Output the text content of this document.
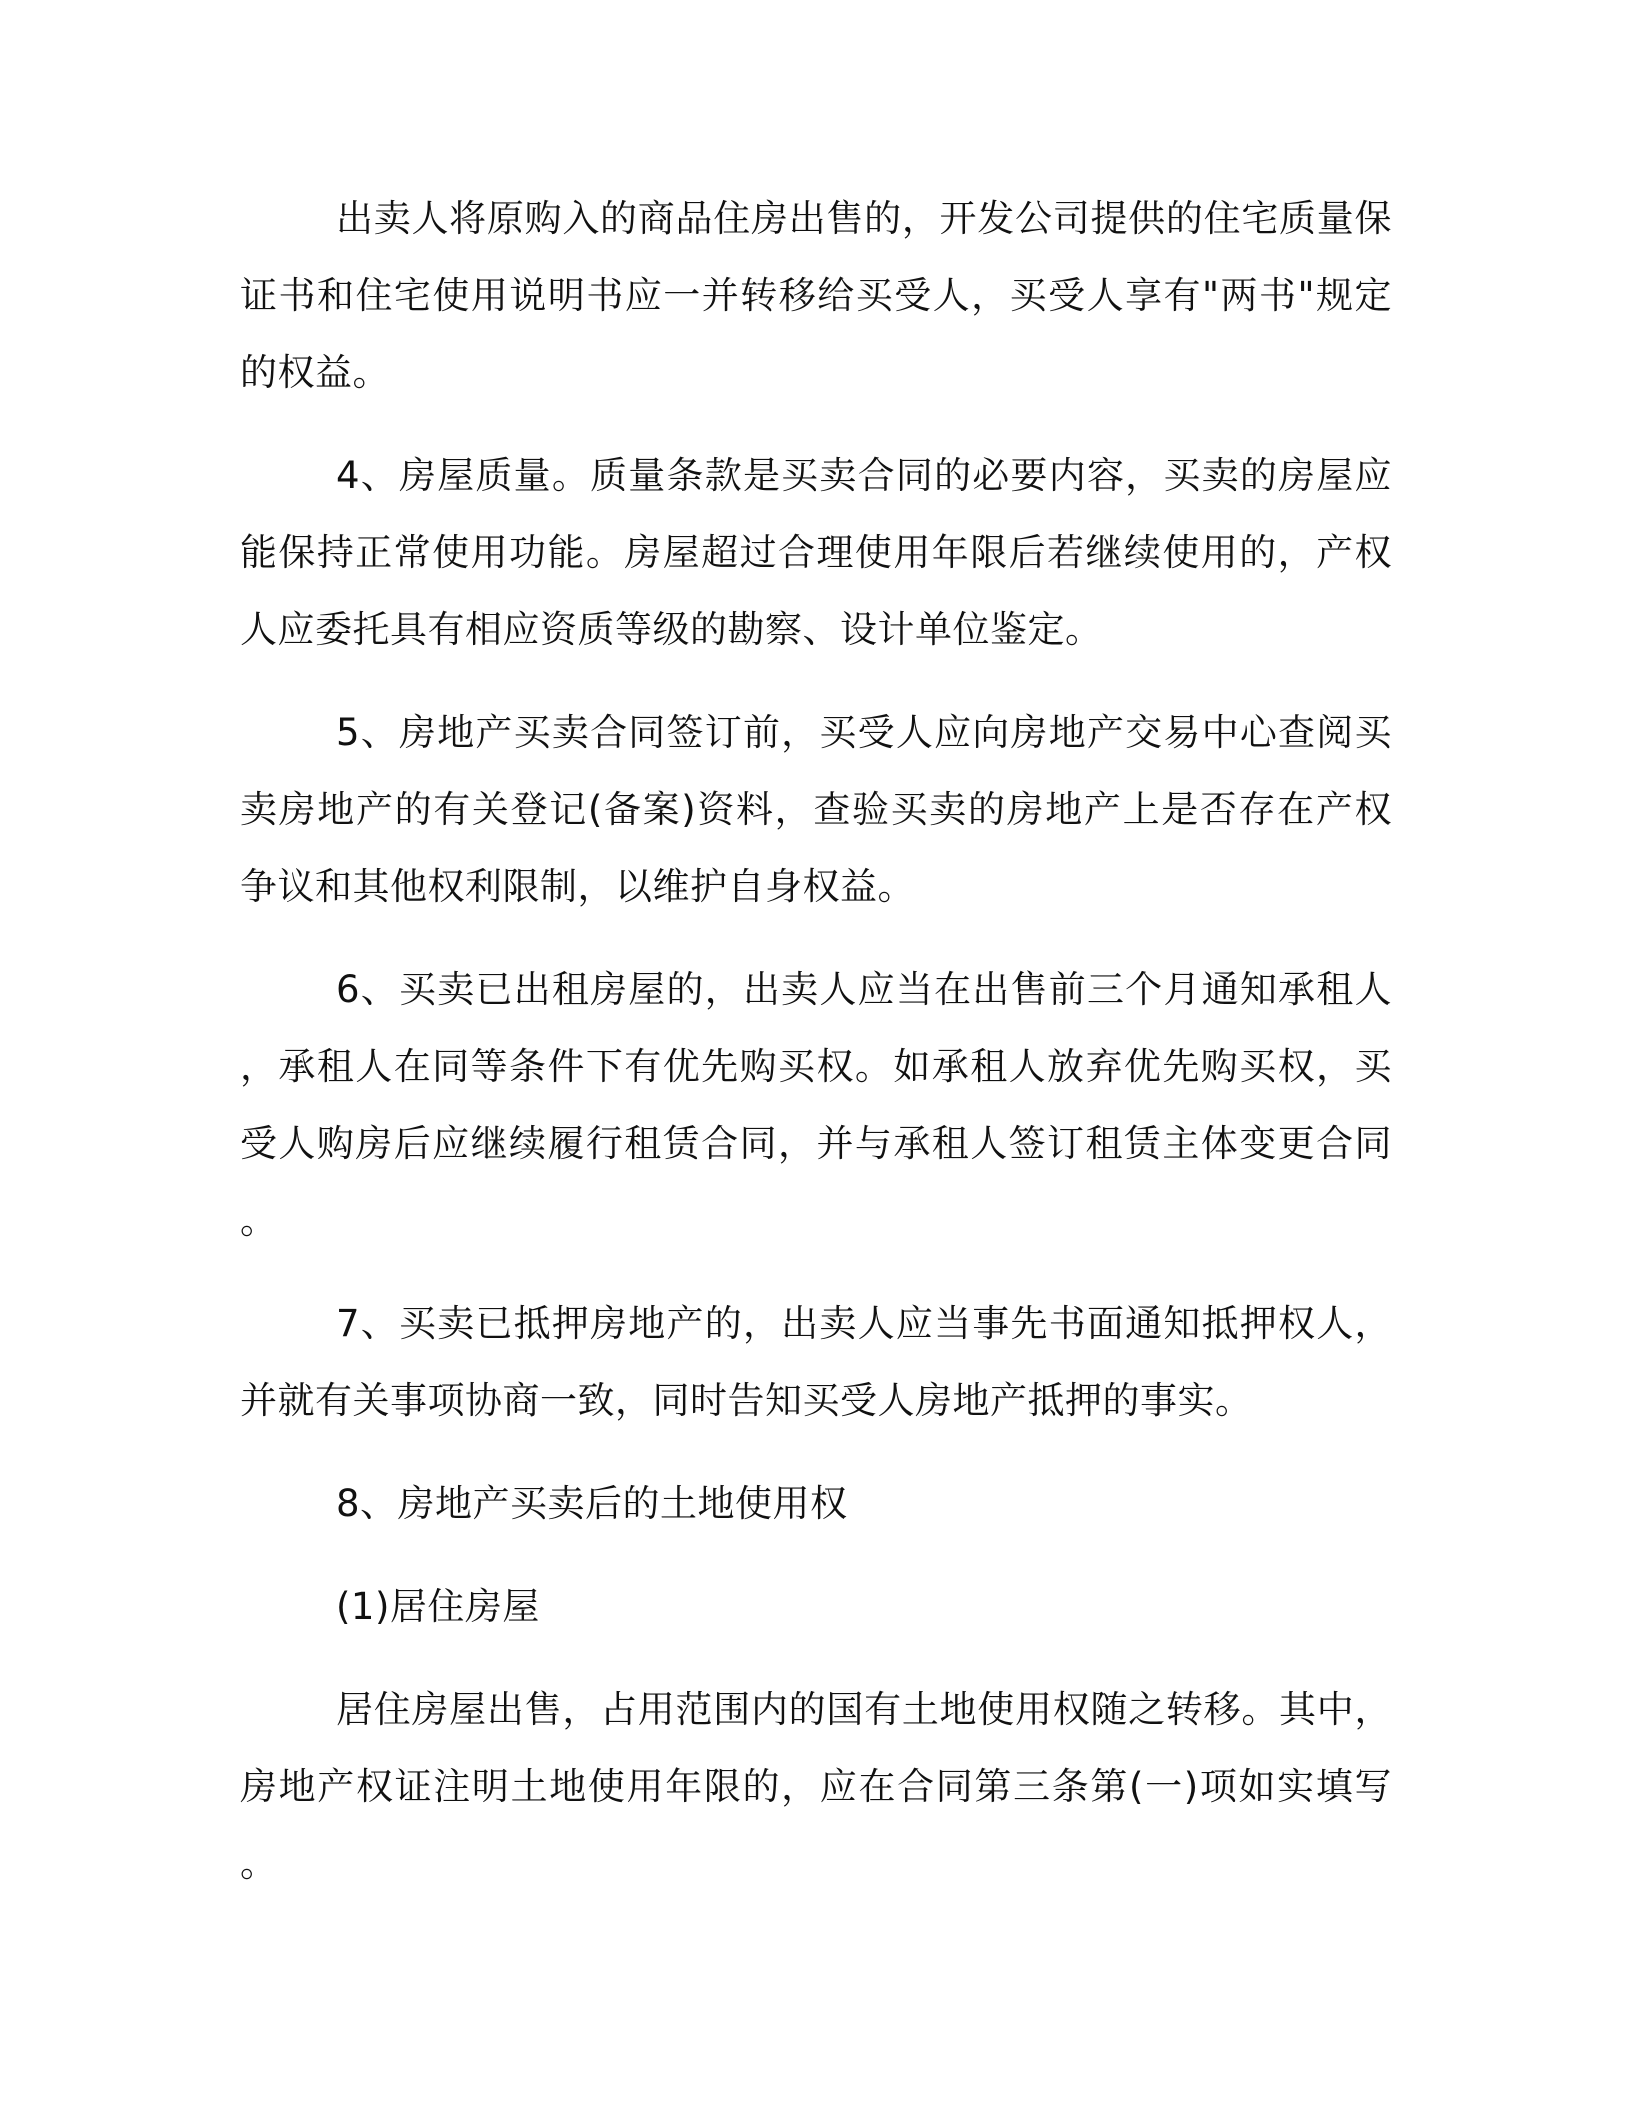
出卖人将原购入的商品住房出售的，开发公司提供的住宅质量保证书和住宅使用说明书应一并转移给买受人，买受人享有"两书"规定的权益。

4、房屋质量。质量条款是买卖合同的必要内容，买卖的房屋应能保持正常使用功能。房屋超过合理使用年限后若继续使用的，产权人应委托具有相应资质等级的勘察、设计单位鉴定。

5、房地产买卖合同签订前，买受人应向房地产交易中心查阅买卖房地产的有关登记(备案)资料，查验买卖的房地产上是否存在产权争议和其他权利限制，以维护自身权益。

6、买卖已出租房屋的，出卖人应当在出售前三个月通知承租人，承租人在同等条件下有优先购买权。如承租人放弃优先购买权，买受人购房后应继续履行租赁合同，并与承租人签订租赁主体变更合同。

7、买卖已抵押房地产的，出卖人应当事先书面通知抵押权人，并就有关事项协商一致，同时告知买受人房地产抵押的事实。

8、房地产买卖后的土地使用权

(1)居住房屋

居住房屋出售，占用范围内的国有土地使用权随之转移。其中，房地产权证注明土地使用年限的，应在合同第三条第(一)项如实填写。
